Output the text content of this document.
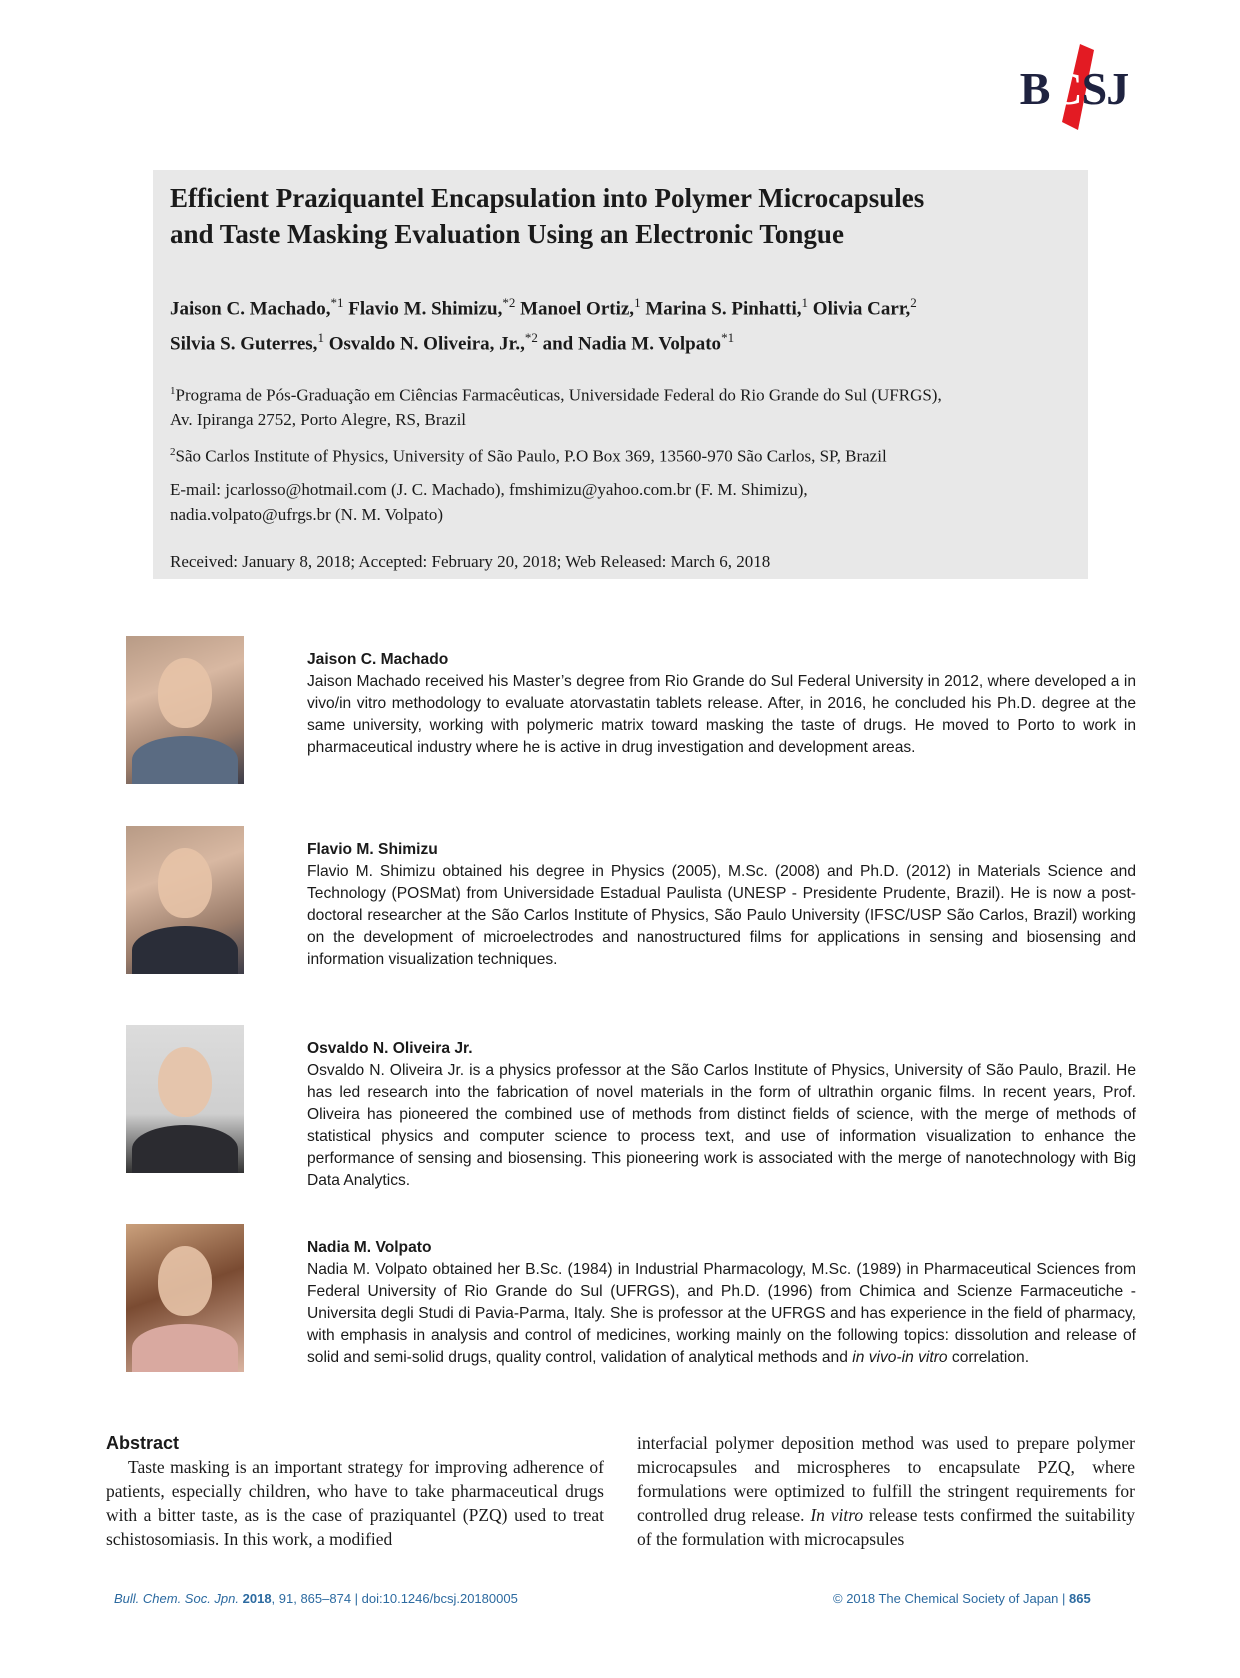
BCSJ
Efficient Praziquantel Encapsulation into Polymer Microcapsules
and Taste Masking Evaluation Using an Electronic Tongue
Jaison C. Machado,$^{*1}$ Flavio M. Shimizu,$^{*2}$ Manoel Ortiz,$^1$ Marina S. Pinhatti,$^1$ Olivia Carr,$^2$
Silvia S. Guterres,$^1$ Osvaldo N. Oliveira, Jr.,$^{*2}$ and Nadia M. Volpato$^{*1}$

$^1$Programa de Pós-Graduação em Ciências Farmacêuticas, Universidade Federal do Rio Grande do Sul (UFRGS),
Av. Ipiranga 2752, Porto Alegre, RS, Brazil

$^2$São Carlos Institute of Physics, University of São Paulo, P.O Box 369, 13560-970 São Carlos, SP, Brazil

E-mail: jcarlosso@hotmail.com (J. C. Machado), fmshimizu@yahoo.com.br (F. M. Shimizu),
nadia.volpato@ufrgs.br (N. M. Volpato)

Received: January 8, 2018; Accepted: February 20, 2018; Web Released: March 6, 2018
Jaison C. Machado
Jaison Machado received his Master’s degree from Rio Grande do Sul Federal University in 2012, where developed a in vivo/in vitro methodology to evaluate atorvastatin tablets release. After, in 2016, he concluded his Ph.D. degree at the same university, working with polymeric matrix toward masking the taste of drugs. He moved to Porto to work in pharmaceutical industry where he is active in drug investigation and development areas.
Flavio M. Shimizu
Flavio M. Shimizu obtained his degree in Physics (2005), M.Sc. (2008) and Ph.D. (2012) in Materials Science and Technology (POSMat) from Universidade Estadual Paulista (UNESP - Presidente Prudente, Brazil). He is now a post-doctoral researcher at the São Carlos Institute of Physics, São Paulo University (IFSC/USP São Carlos, Brazil) working on the development of microelectrodes and nanostructured films for applications in sensing and biosensing and information visualization techniques.
Osvaldo N. Oliveira Jr.
Osvaldo N. Oliveira Jr. is a physics professor at the São Carlos Institute of Physics, University of São Paulo, Brazil. He has led research into the fabrication of novel materials in the form of ultrathin organic films. In recent years, Prof. Oliveira has pioneered the combined use of methods from distinct fields of science, with the merge of methods of statistical physics and computer science to process text, and use of information visualization to enhance the performance of sensing and biosensing. This pioneering work is associated with the merge of nanotechnology with Big Data Analytics.
Nadia M. Volpato
Nadia M. Volpato obtained her B.Sc. (1984) in Industrial Pharmacology, M.Sc. (1989) in Pharmaceutical Sciences from Federal University of Rio Grande do Sul (UFRGS), and Ph.D. (1996) from Chimica and Scienze Farmaceutiche - Universita degli Studi di Pavia-Parma, Italy. She is professor at the UFRGS and has experience in the field of pharmacy, with emphasis in analysis and control of medicines, working mainly on the following topics: dissolution and release of solid and semi-solid drugs, quality control, validation of analytical methods and in vivo-in vitro correlation.
Abstract
Taste masking is an important strategy for improving adherence of patients, especially children, who have to take pharmaceutical drugs with a bitter taste, as is the case of praziquantel (PZQ) used to treat schistosomiasis. In this work, a modified
interfacial polymer deposition method was used to prepare polymer microcapsules and microspheres to encapsulate PZQ, where formulations were optimized to fulfill the stringent requirements for controlled drug release. In vitro release tests confirmed the suitability of the formulation with microcapsules
Bull. Chem. Soc. Jpn. 2018, 91, 865–874 | doi:10.1246/bcsj.20180005	© 2018 The Chemical Society of Japan | 865
